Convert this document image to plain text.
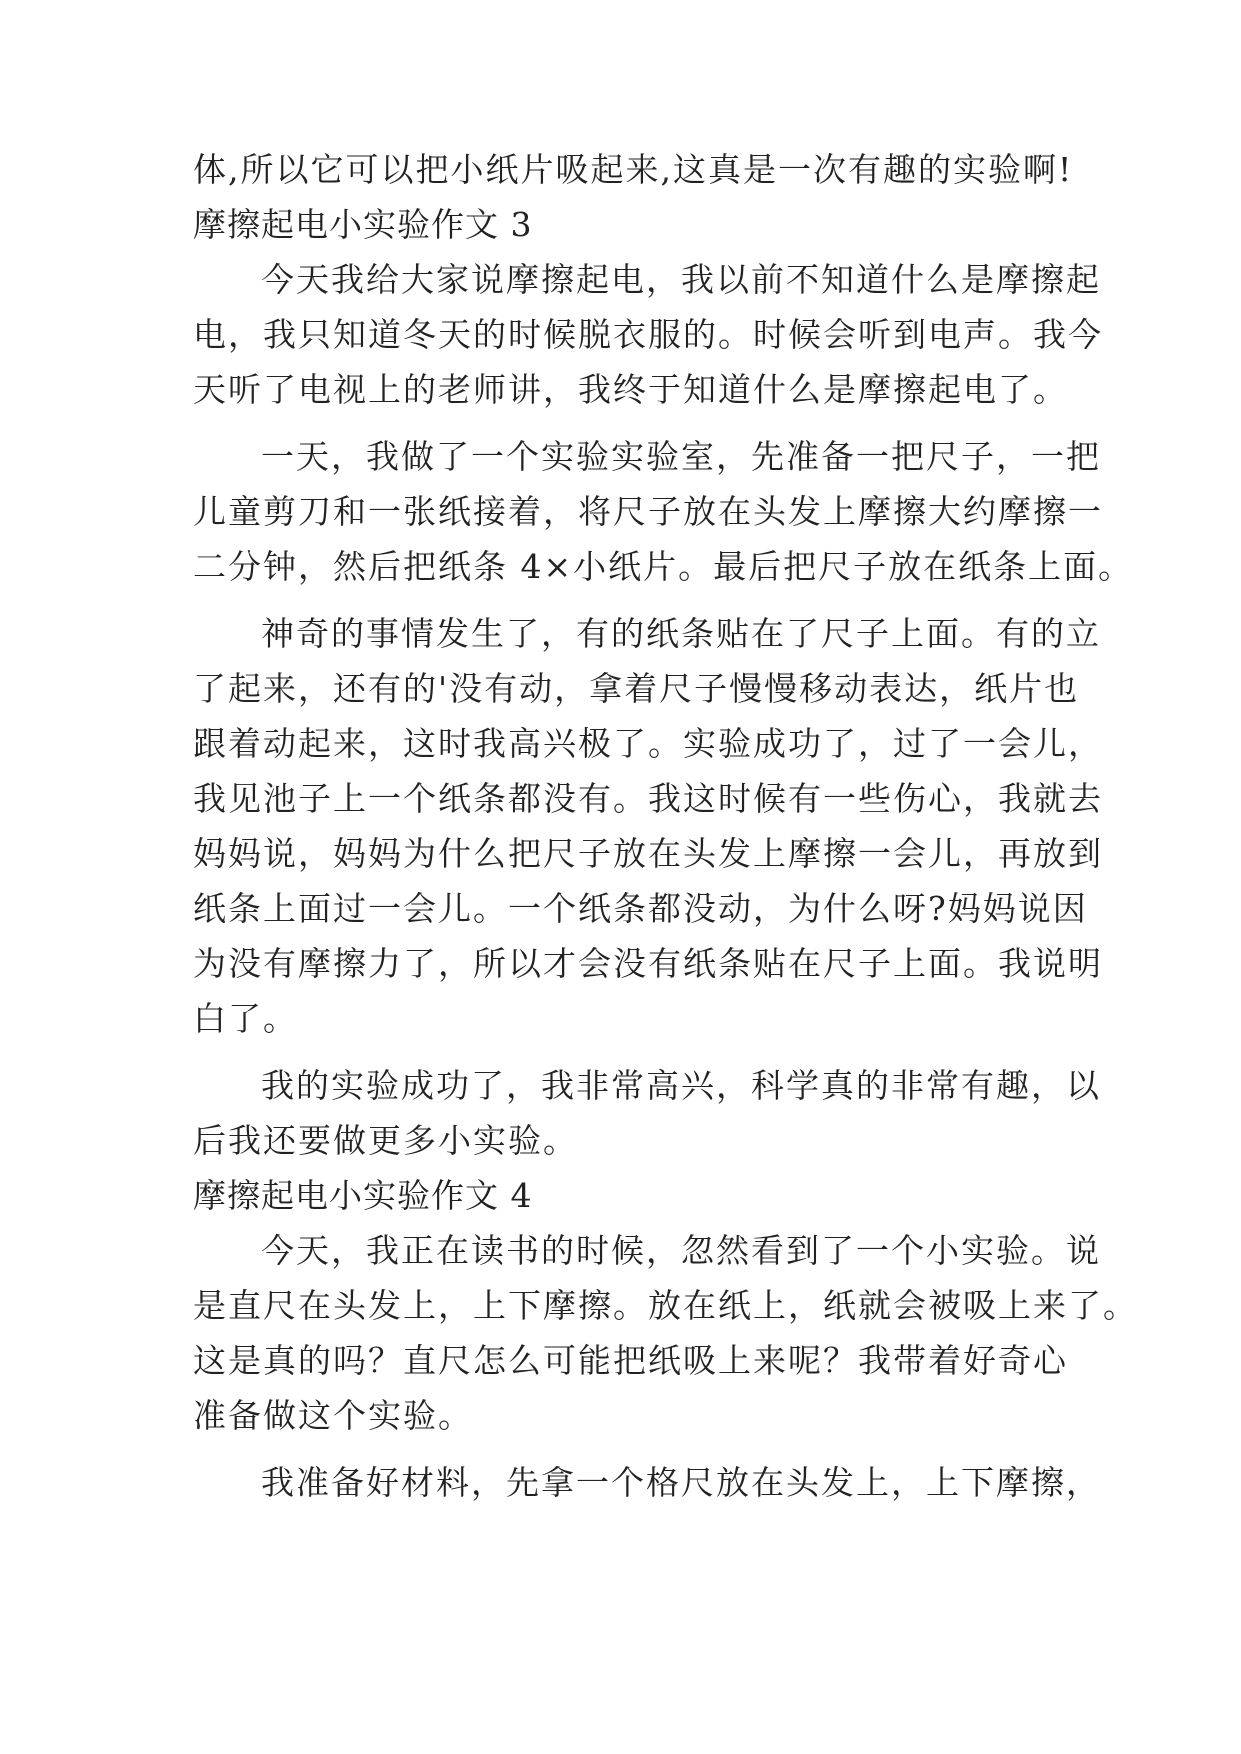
体,所以它可以把小纸片吸起来,这真是一次有趣的实验啊!
摩擦起电小实验作文 3
今天我给大家说摩擦起电，我以前不知道什么是摩擦起
电，我只知道冬天的时候脱衣服的。时候会听到电声。我今
天听了电视上的老师讲，我终于知道什么是摩擦起电了。
一天，我做了一个实验实验室，先准备一把尺子，一把
儿童剪刀和一张纸接着，将尺子放在头发上摩擦大约摩擦一
二分钟，然后把纸条 4×小纸片。最后把尺子放在纸条上面。
神奇的事情发生了，有的纸条贴在了尺子上面。有的立
了起来，还有的'没有动，拿着尺子慢慢移动表达，纸片也
跟着动起来，这时我高兴极了。实验成功了，过了一会儿，
我见池子上一个纸条都没有。我这时候有一些伤心，我就去
妈妈说，妈妈为什么把尺子放在头发上摩擦一会儿，再放到
纸条上面过一会儿。一个纸条都没动，为什么呀?妈妈说因
为没有摩擦力了，所以才会没有纸条贴在尺子上面。我说明
白了。
我的实验成功了，我非常高兴，科学真的非常有趣，以
后我还要做更多小实验。
摩擦起电小实验作文 4
今天，我正在读书的时候，忽然看到了一个小实验。说
是直尺在头发上，上下摩擦。放在纸上，纸就会被吸上来了。
这是真的吗？直尺怎么可能把纸吸上来呢？我带着好奇心
准备做这个实验。
我准备好材料，先拿一个格尺放在头发上，上下摩擦，
